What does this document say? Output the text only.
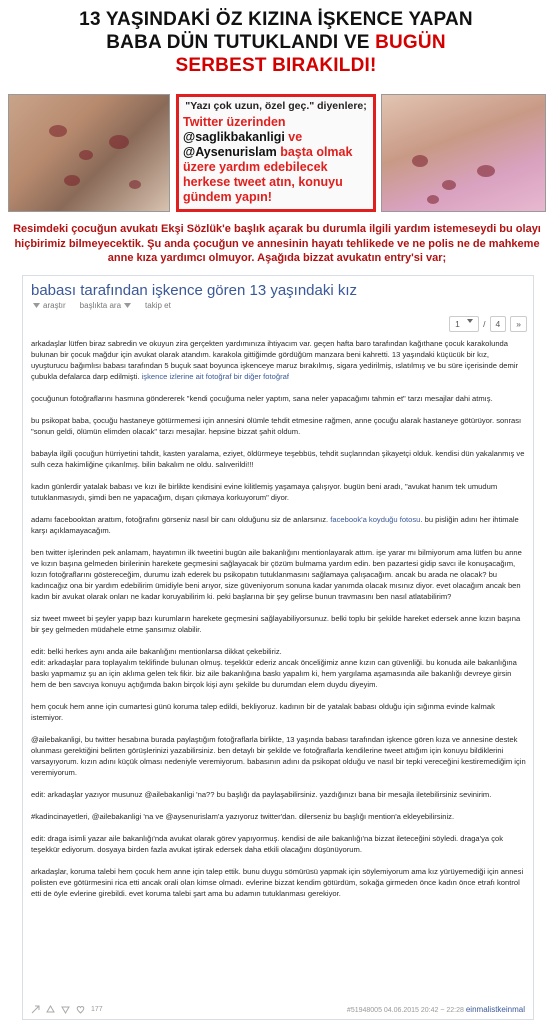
13 YAŞINDAKİ ÖZ KIZINA İŞKENCE YAPAN
BABA DÜN TUTUKLANDI VE BUGÜN
SERBEST BIRAKILDI!
"Yazı çok uzun, özel geç." diyenlere;
Twitter üzerinden
@saglikbakanligi ve
@Aysenurislam başta olmak üzere yardım edebilecek herkese tweet atın, konuyu gündem yapın!
Resimdeki çocuğun avukatı Ekşi Sözlük'e başlık açarak bu durumla ilgili yardım istemeseydi bu olayı hiçbirimiz bilmeyecektik. Şu anda çocuğun ve annesinin hayatı tehlikede ve ne polis ne de mahkeme anne kıza yardımcı olmuyor. Aşağıda bizzat avukatın entry'si var;
babası tarafından işkence gören 13 yaşındaki kız
araştır başlıkta ara	takip et
1	/	4	»

arkadaşlar lütfen biraz sabredin ve okuyun zira gerçekten yardımınıza ihtiyacım var. geçen hafta baro tarafından kağıthane çocuk karakolunda bulunan bir çocuk mağdur için avukat olarak atandım. karakola gittiğimde gördüğüm manzara beni kahretti. 13 yaşındaki küçücük bir kız, uyuşturucu bağımlısı babası tarafından 5 buçuk saat boyunca işkenceye maruz bırakılmış, sigara yedirilmiş, ıslatılmış ve bu süre içerisinde demir çubukla defalarca darp edilmişti. işkence izlerine ait fotoğraf bir diğer fotoğraf

çocuğunun fotoğraflarını hasmına göndererek "kendi çocuğuma neler yaptım, sana neler yapacağımı tahmin et" tarzı mesajlar dahi atmış.

bu psikopat baba, çocuğu hastaneye götürmemesi için annesini ölümle tehdit etmesine rağmen, anne çocuğu alarak hastaneye götürüyor. sonrası "sonun geldi, ölümün elimden olacak" tarzı mesajlar. hepsine bizzat şahit oldum.

babayla ilgili çocuğun hürriyetini tahdit, kasten yaralama, eziyet, öldürmeye teşebbüs, tehdit suçlarından şikayetçi olduk. kendisi dün yakalanmış ve sulh ceza hakimliğine çıkarılmış. bilin bakalım ne oldu. salıverildi!!!

kadın günlerdir yatalak babası ve kızı ile birlikte kendisini evine kilitlemiş yaşamaya çalışıyor. bugün beni aradı, "avukat hanım tek umudum tutuklanmasıydı, şimdi ben ne yapacağım, dışarı çıkmaya korkuyorum" diyor.

adamı facebooktan arattım, fotoğrafını görseniz nasıl bir canı olduğunu siz de anlarsınız. facebook'a koyduğu fotosu. bu pisliğin adını her ihtimale karşı açıklamayacağım.

ben twitter işlerinden pek anlamam, hayatımın ilk tweetini bugün aile bakanlığını mentionlayarak attım. işe yarar mı bilmiyorum ama lütfen bu anne ve kızın başına gelmeden birilerinin harekete geçmesini sağlayacak bir çözüm bulmama yardım edin. ben pazartesi gidip savcı ile konuşacağım, kızın fotoğraflarını göstereceğim, durumu izah ederek bu psikopatın tutuklanmasını sağlamaya çalışacağım. ancak bu arada ne olacak? bu kadıncağız ona bir yardım edebilirim ümidiyle beni arıyor, size güveniyorum sonuna kadar yanımda olacak mısınız diyor. evet olacağım ancak ben kadın bir avukat olarak onları ne kadar koruyabilirim ki. peki başlarına bir şey gelirse bunun travmasını ben nasıl atlatabilirim?

siz tweet mweet bi şeyler yapıp bazı kurumların harekete geçmesini sağlayabiliyorsunuz. belki toplu bir şekilde hareket edersek anne kızın başına bir şey gelmeden müdahele etme şansımız olabilir.

edit: belki herkes aynı anda aile bakanlığını mentionlarsa dikkat çekebiliriz.
edit: arkadaşlar para toplayalım teklifinde bulunan olmuş. teşekkür ederiz ancak önceliğimiz anne kızın can güvenliği. bu konuda aile bakanlığına baskı yapmamız şu an için aklıma gelen tek fikir. biz aile bakanlığına baskı yapalım ki, hem yargılama aşamasında aile bakanlığı devreye girsin hem de ben savcıya konuyu açtığımda bakın birçok kişi aynı şekilde bu durumdan elem duydu diyeyim.

hem çocuk hem anne için cumartesi günü koruma talep edildi, bekliyoruz. kadının bir de yatalak babası olduğu için sığınma evinde kalmak istemiyor.

@ailebakanligi, bu twitter hesabına burada paylaştığım fotoğraflarla birlikte, 13 yaşında babası tarafından işkence gören kıza ve annesine destek olunması gerektiğini belirten görüşlerinizi yazabilirsiniz. ben detaylı bir şekilde ve fotoğraflarla kendilerine tweet attığım için konuyu bildiklerini varsayıyorum. kızın adını küçük olması nedeniyle veremiyorum. babasının adını da psikopat olduğu ve nasıl bir tepki vereceğini kestiremediğim için veremiyorum.

edit: arkadaşlar yazıyor musunuz @ailebakanligi 'na?? bu başlığı da paylaşabilirsiniz. yazdığınızı bana bir mesajla iletebilirsiniz sevinirim.

#kadincinayetleri, @ailebakanligi 'na ve @aysenurislam'a yazıyoruz twitter'dan. dilerseniz bu başlığı mention'a ekleyebilirsiniz.

edit: draga isimli yazar aile bakanlığı'nda avukat olarak görev yapıyormuş. kendisi de aile bakanlığı'na bizzat ileteceğini söyledi. draga'ya çok teşekkür ediyorum. dosyaya birden fazla avukat iştirak edersek daha etkili olacağını düşünüyorum.

arkadaşlar, koruma talebi hem çocuk hem anne için talep ettik. bunu duygu sömürüsü yapmak için söylemiyorum ama kız yürüyemediği için annesi polisten eve götürmesini rica etti ancak orali olan kimse olmadı. evlerine bizzat kendim götürdüm, sokağa girmeden önce kadın önce etrafı kontrol etti de öyle evlerine girebildi. evet koruma talebi şart ama bu adamın tutuklanması gerekiyor.

177	#51948005 04.06.2015 20:42 ~ 22:28 einmalistkeinmal
